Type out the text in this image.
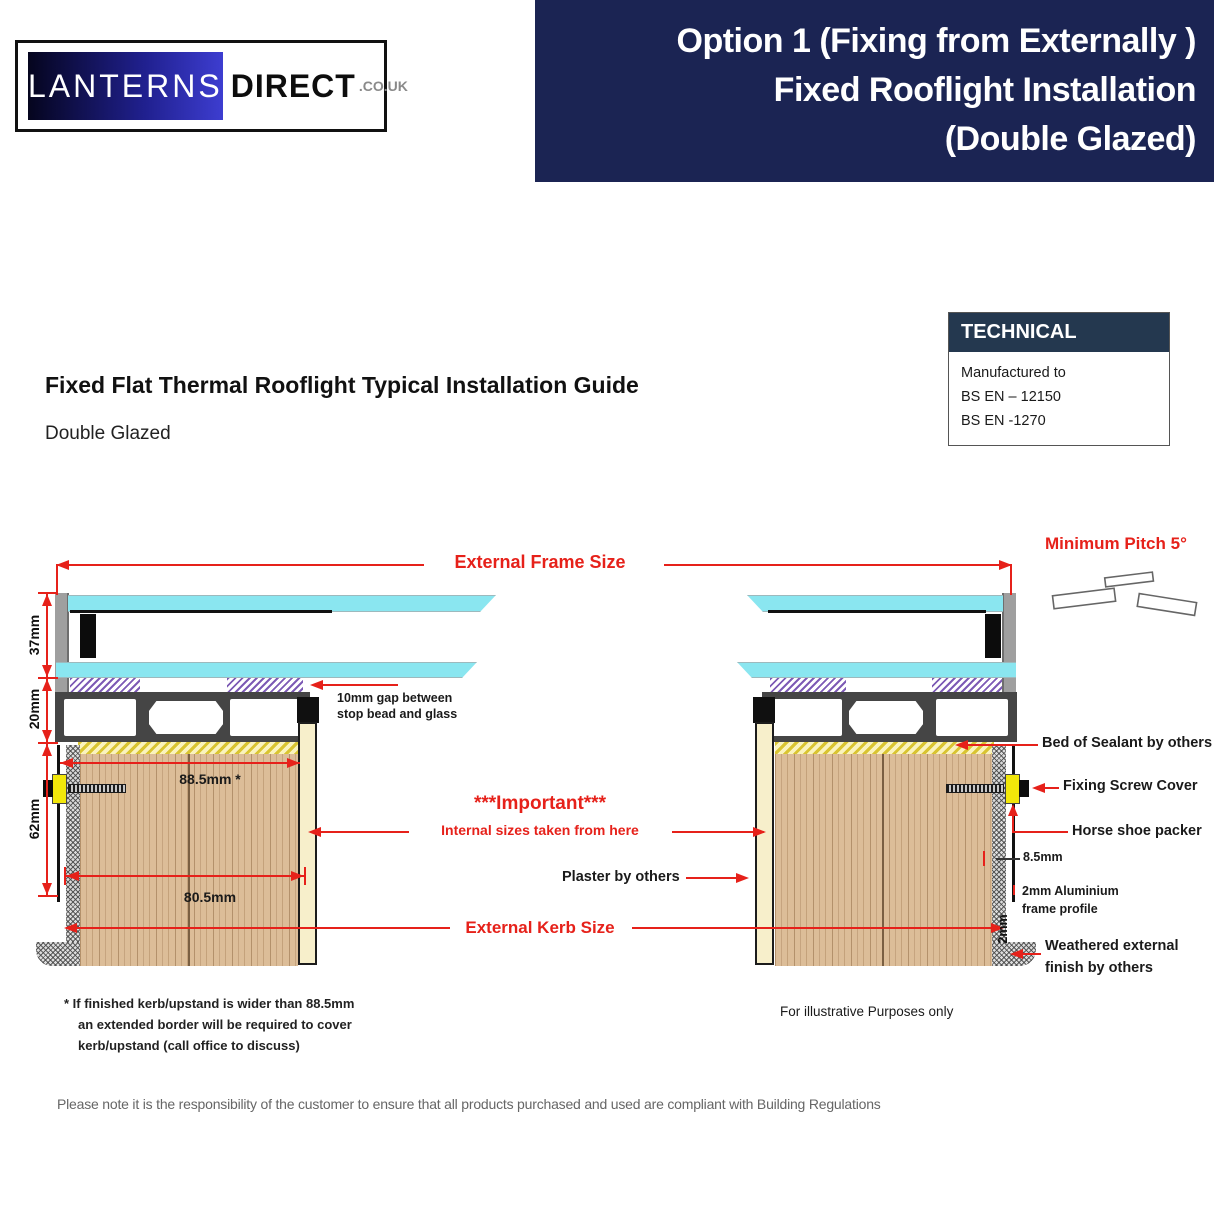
LANTERNS DIRECT .CO.UK
Option 1 (Fixing from Externally )
Fixed Rooflight Installation
(Double Glazed)
TECHNICAL
Manufactured to
BS EN – 12150
BS EN -1270
Fixed Flat Thermal Rooflight Typical Installation Guide
Double Glazed
External Frame Size
37mm
20mm
62mm
88.5mm *
80.5mm
10mm gap between
stop bead and glass
***Important***
Internal sizes taken from here
Plaster by others
External Kerb Size
Minimum Pitch 5°
Bed of Sealant by others
Fixing Screw Cover
Horse shoe packer
8.5mm
2mm Aluminium
frame profile
2mm
Weathered external
finish by others
* If finished kerb/upstand is wider than 88.5mm
an extended border will be required to cover
kerb/upstand (call office to discuss)
For illustrative Purposes only
Please note it is the responsibility of the customer to ensure that all products purchased and used are compliant with Building Regulations
